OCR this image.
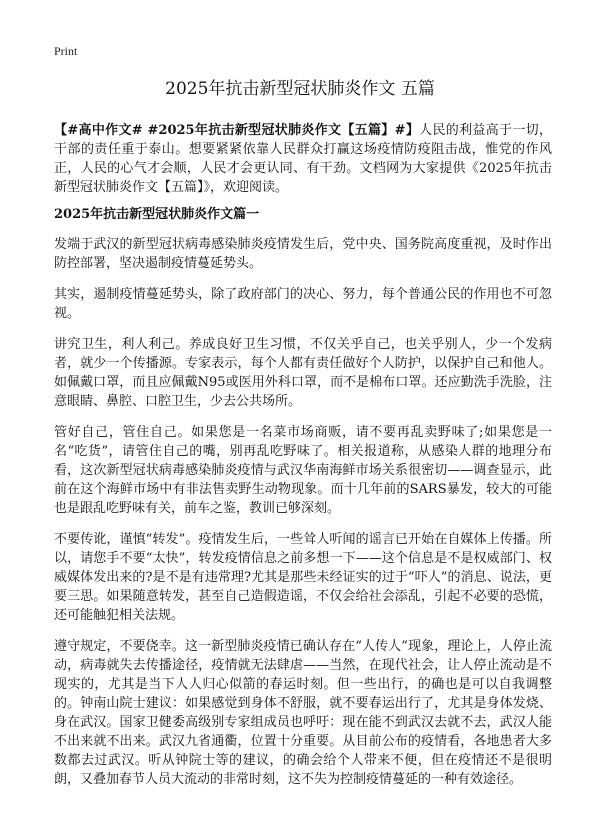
Print
2025年抗击新型冠状肺炎作文 五篇

【#高中作文# #2025年抗击新型冠状肺炎作文【五篇】#】人民的利益高于一切，干部的责任重于泰山。想要紧紧依靠人民群众打赢这场疫情防疫阻击战，惟党的作风正，人民的心气才会顺，人民才会更认同、有干劲。文档网为大家提供《2025年抗击新型冠状肺炎作文【五篇】》，欢迎阅读。

2025年抗击新型冠状肺炎作文篇一

发端于武汉的新型冠状病毒感染肺炎疫情发生后，党中央、国务院高度重视，及时作出防控部署，坚决遏制疫情蔓延势头。

其实，遏制疫情蔓延势头，除了政府部门的决心、努力，每个普通公民的作用也不可忽视。

讲究卫生，利人利己。养成良好卫生习惯，不仅关乎自己，也关乎别人，少一个发病者，就少一个传播源。专家表示，每个人都有责任做好个人防护，以保护自己和他人。如佩戴口罩，而且应佩戴N95或医用外科口罩，而不是棉布口罩。还应勤洗手洗脸，注意眼睛、鼻腔、口腔卫生，少去公共场所。

管好自己，管住自己。如果您是一名菜市场商贩，请不要再乱卖野味了;如果您是一名“吃货”，请管住自己的嘴，别再乱吃野味了。相关报道称，从感染人群的地理分布看，这次新型冠状病毒感染肺炎疫情与武汉华南海鲜市场关系很密切——调查显示，此前在这个海鲜市场中有非法售卖野生动物现象。而十几年前的SARS暴发，较大的可能也是跟乱吃野味有关，前车之鉴，教训已够深刻。

不要传讹，谨慎“转发”。疫情发生后，一些耸人听闻的谣言已开始在自媒体上传播。所以，请您手不要“太快”，转发疫情信息之前多想一下——这个信息是不是权威部门、权威媒体发出来的?是不是有违常理?尤其是那些未经证实的过于“吓人”的消息、说法，更要三思。如果随意转发，甚至自己造假造谣，不仅会给社会添乱，引起不必要的恐慌，还可能触犯相关法规。

遵守规定，不要侥幸。这一新型肺炎疫情已确认存在“人传人”现象，理论上，人停止流动，病毒就失去传播途径，疫情就无法肆虐——当然，在现代社会，让人停止流动是不现实的，尤其是当下人人归心似箭的春运时刻。但一些出行，的确也是可以自我调整的。钟南山院士建议：如果感觉到身体不舒服，就不要春运出行了，尤其是身体发烧、身在武汉。国家卫健委高级别专家组成员也呼吁：现在能不到武汉去就不去，武汉人能不出来就不出来。武汉九省通衢，位置十分重要。从目前公布的疫情看，各地患者大多数都去过武汉。听从钟院士等的建议，的确会给个人带来不便，但在疫情还不是很明朗，又叠加春节人员大流动的非常时刻，这不失为控制疫情蔓延的一种有效途径。
